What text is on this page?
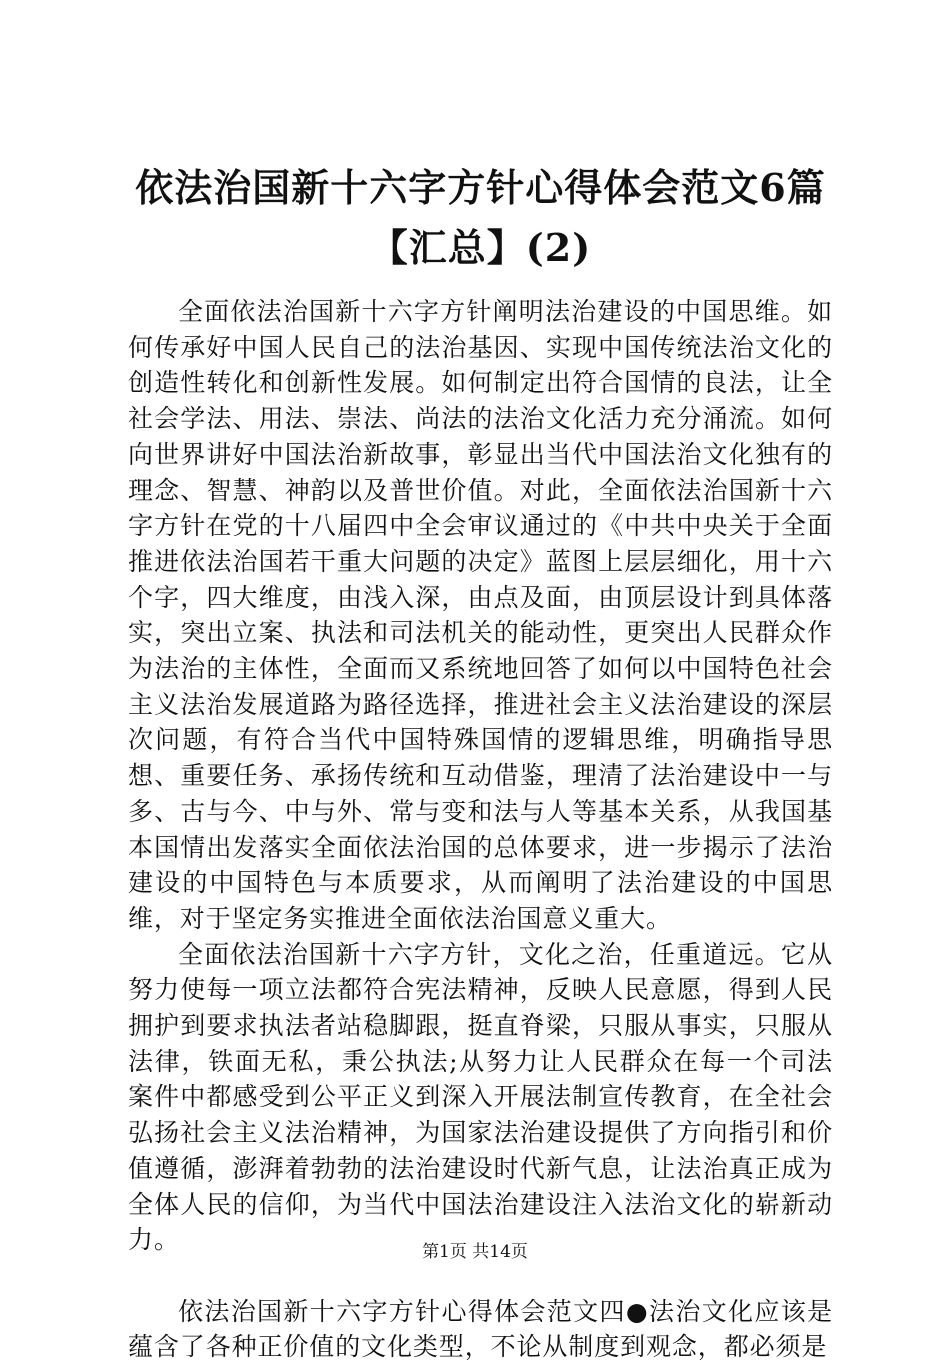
依法治国新十六字方针心得体会范文6篇【汇总】(2)

全面依法治国新十六字方针阐明法治建设的中国思维。如何传承好中国人民自己的法治基因、实现中国传统法治文化的创造性转化和创新性发展。如何制定出符合国情的良法，让全社会学法、用法、崇法、尚法的法治文化活力充分涌流。如何向世界讲好中国法治新故事，彰显出当代中国法治文化独有的理念、智慧、神韵以及普世价值。对此，全面依法治国新十六字方针在党的十八届四中全会审议通过的《中共中央关于全面推进依法治国若干重大问题的决定》蓝图上层层细化，用十六个字，四大维度，由浅入深，由点及面，由顶层设计到具体落实，突出立案、执法和司法机关的能动性，更突出人民群众作为法治的主体性，全面而又系统地回答了如何以中国特色社会主义法治发展道路为路径选择，推进社会主义法治建设的深层次问题，有符合当代中国特殊国情的逻辑思维，明确指导思想、重要任务、承扬传统和互动借鉴，理清了法治建设中一与多、古与今、中与外、常与变和法与人等基本关系，从我国基本国情出发落实全面依法治国的总体要求，进一步揭示了法治建设的中国特色与本质要求，从而阐明了法治建设的中国思维，对于坚定务实推进全面依法治国意义重大。

全面依法治国新十六字方针，文化之治，任重道远。它从努力使每一项立法都符合宪法精神，反映人民意愿，得到人民拥护到要求执法者站稳脚跟，挺直脊梁，只服从事实，只服从法律，铁面无私，秉公执法;从努力让人民群众在每一个司法案件中都感受到公平正义到深入开展法制宣传教育，在全社会弘扬社会主义法治精神，为国家法治建设提供了方向指引和价值遵循，澎湃着勃勃的法治建设时代新气息，让法治真正成为全体人民的信仰，为当代中国法治建设注入法治文化的崭新动力。

依法治国新十六字方针心得体会范文四●法治文化应该是蕴含了各种正价值的文化类型，不论从制度到观念，都必须是

第1页 共14页
